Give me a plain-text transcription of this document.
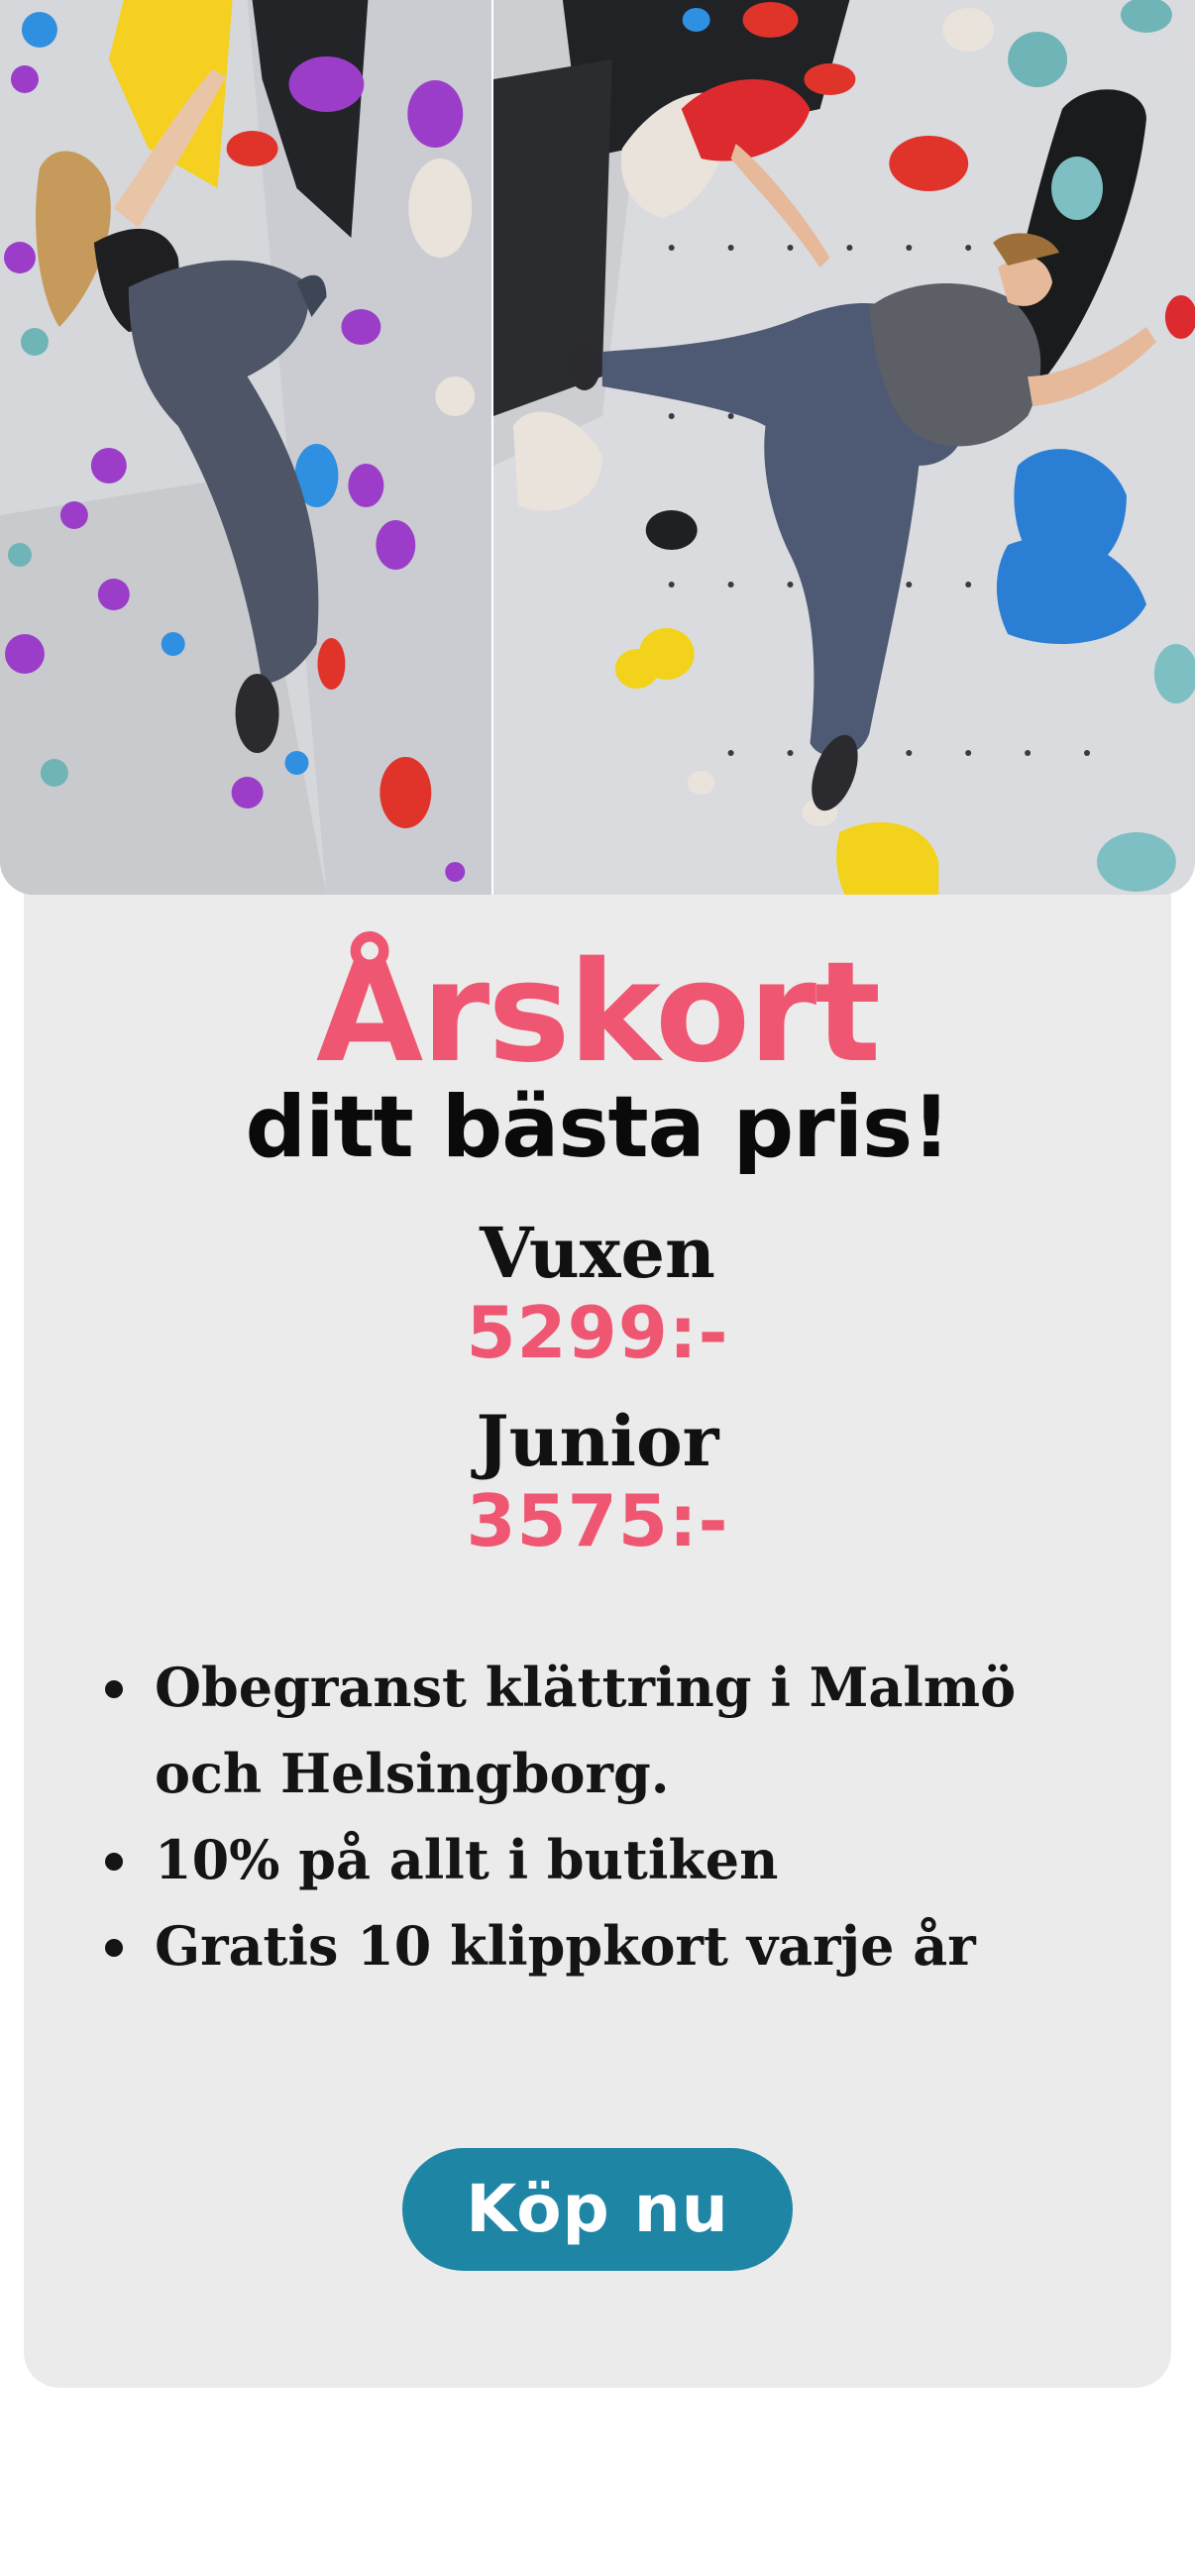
Årskort
ditt bästa pris!
Vuxen
5299:-
Junior
3575:-
Obegranst klättring i Malmö och Helsingborg.
10% på allt i butiken
Gratis 10 klippkort varje år
Köp nu
